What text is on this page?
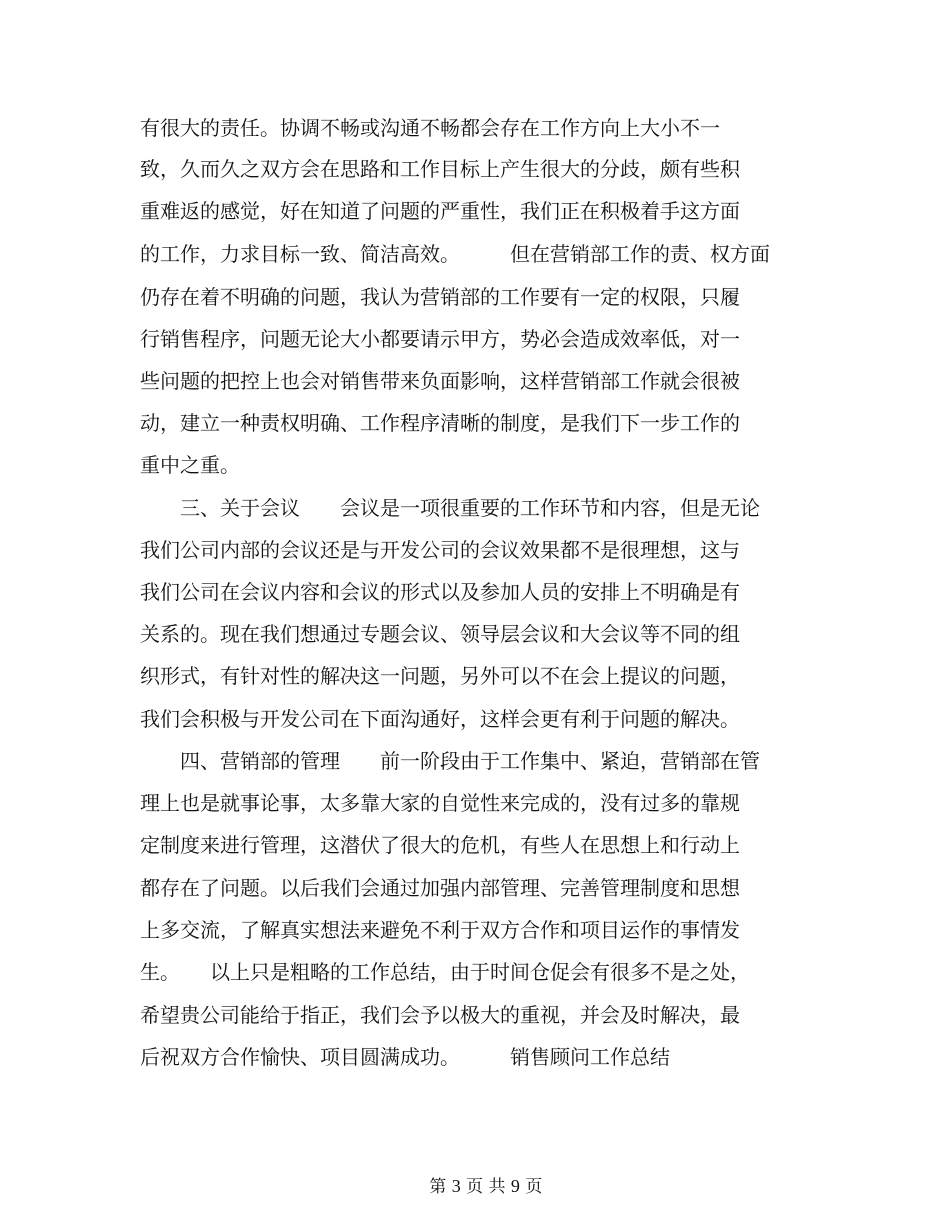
有很大的责任。协调不畅或沟通不畅都会存在工作方向上大小不一
致，久而久之双方会在思路和工作目标上产生很大的分歧，颇有些积
重难返的感觉，好在知道了问题的严重性，我们正在积极着手这方面
的工作，力求目标一致、简洁高效。　　　但在营销部工作的责、权方面
仍存在着不明确的问题，我认为营销部的工作要有一定的权限，只履
行销售程序，问题无论大小都要请示甲方，势必会造成效率低，对一
些问题的把控上也会对销售带来负面影响，这样营销部工作就会很被
动，建立一种责权明确、工作程序清晰的制度，是我们下一步工作的
重中之重。
　　三、关于会议　　会议是一项很重要的工作环节和内容，但是无论
我们公司内部的会议还是与开发公司的会议效果都不是很理想，这与
我们公司在会议内容和会议的形式以及参加人员的安排上不明确是有
关系的。现在我们想通过专题会议、领导层会议和大会议等不同的组
织形式，有针对性的解决这一问题，另外可以不在会上提议的问题，
我们会积极与开发公司在下面沟通好，这样会更有利于问题的解决。
　　四、营销部的管理　　前一阶段由于工作集中、紧迫，营销部在管
理上也是就事论事，太多靠大家的自觉性来完成的，没有过多的靠规
定制度来进行管理，这潜伏了很大的危机，有些人在思想上和行动上
都存在了问题。以后我们会通过加强内部管理、完善管理制度和思想
上多交流，了解真实想法来避免不利于双方合作和项目运作的事情发
生。　　以上只是粗略的工作总结，由于时间仓促会有很多不是之处，
希望贵公司能给于指正，我们会予以极大的重视，并会及时解决，最
后祝双方合作愉快、项目圆满成功。　　　销售顾问工作总结

第 3 页 共 9 页
